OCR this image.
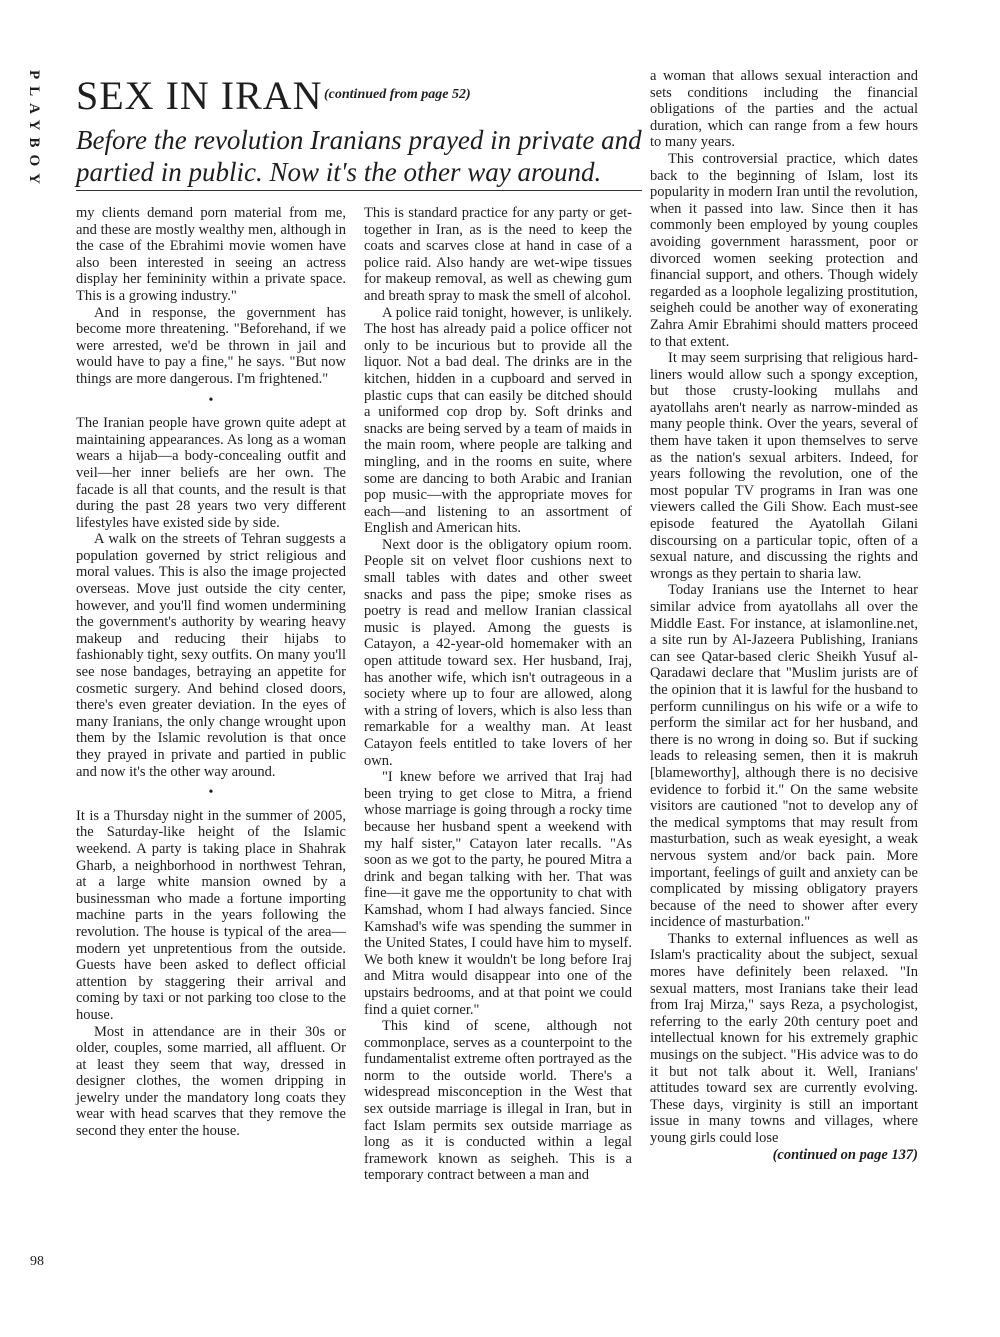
PLAYBOY SEX IN IRAN (continued from page 52)
Before the revolution Iranians prayed in private and partied in public. Now it's the other way around.

my clients demand porn material from me, and these are mostly wealthy men, although in the case of the Ebrahimi movie women have also been interested in seeing an actress display her femininity within a private space. This is a growing industry."

And in response, the government has become more threatening. "Beforehand, if we were arrested, we'd be thrown in jail and would have to pay a fine," he says. "But now things are more dangerous. I'm frightened."

•

The Iranian people have grown quite adept at maintaining appearances. As long as a woman wears a hijab—a body-concealing outfit and veil—her inner beliefs are her own. The facade is all that counts, and the result is that during the past 28 years two very different lifestyles have existed side by side.

A walk on the streets of Tehran suggests a population governed by strict religious and moral values. This is also the image projected overseas. Move just outside the city center, however, and you'll find women undermining the government's authority by wearing heavy makeup and reducing their hijabs to fashionably tight, sexy outfits. On many you'll see nose bandages, betraying an appetite for cosmetic surgery. And behind closed doors, there's even greater deviation. In the eyes of many Iranians, the only change wrought upon them by the Islamic revolution is that once they prayed in private and partied in public and now it's the other way around.

•

It is a Thursday night in the summer of 2005, the Saturday-like height of the Islamic weekend. A party is taking place in Shahrak Gharb, a neighborhood in northwest Tehran, at a large white mansion owned by a businessman who made a fortune importing machine parts in the years following the revolution. The house is typical of the area—modern yet unpretentious from the outside. Guests have been asked to deflect official attention by staggering their arrival and coming by taxi or not parking too close to the house.

Most in attendance are in their 30s or older, couples, some married, all affluent. Or at least they seem that way, dressed in designer clothes, the women dripping in jewelry under the mandatory long coats they wear with head scarves that they remove the second they enter the house.

This is standard practice for any party or get-together in Iran, as is the need to keep the coats and scarves close at hand in case of a police raid. Also handy are wet-wipe tissues for makeup removal, as well as chewing gum and breath spray to mask the smell of alcohol.

A police raid tonight, however, is unlikely. The host has already paid a police officer not only to be incurious but to provide all the liquor. Not a bad deal. The drinks are in the kitchen, hidden in a cupboard and served in plastic cups that can easily be ditched should a uniformed cop drop by. Soft drinks and snacks are being served by a team of maids in the main room, where people are talking and mingling, and in the rooms en suite, where some are dancing to both Arabic and Iranian pop music—with the appropriate moves for each—and listening to an assortment of English and American hits.

Next door is the obligatory opium room. People sit on velvet floor cushions next to small tables with dates and other sweet snacks and pass the pipe; smoke rises as poetry is read and mellow Iranian classical music is played. Among the guests is Catayon, a 42-year-old homemaker with an open attitude toward sex. Her husband, Iraj, has another wife, which isn't outrageous in a society where up to four are allowed, along with a string of lovers, which is also less than remarkable for a wealthy man. At least Catayon feels entitled to take lovers of her own.

"I knew before we arrived that Iraj had been trying to get close to Mitra, a friend whose marriage is going through a rocky time because her husband spent a weekend with my half sister," Catayon later recalls. "As soon as we got to the party, he poured Mitra a drink and began talking with her. That was fine—it gave me the opportunity to chat with Kamshad, whom I had always fancied. Since Kamshad's wife was spending the summer in the United States, I could have him to myself. We both knew it wouldn't be long before Iraj and Mitra would disappear into one of the upstairs bedrooms, and at that point we could find a quiet corner."

This kind of scene, although not commonplace, serves as a counterpoint to the fundamentalist extreme often portrayed as the norm to the outside world. There's a widespread misconception in the West that sex outside marriage is illegal in Iran, but in fact Islam permits sex outside marriage as long as it is conducted within a legal framework known as seigheh. This is a temporary contract between a man and

a woman that allows sexual interaction and sets conditions including the financial obligations of the parties and the actual duration, which can range from a few hours to many years.

This controversial practice, which dates back to the beginning of Islam, lost its popularity in modern Iran until the revolution, when it passed into law. Since then it has commonly been employed by young couples avoiding government harassment, poor or divorced women seeking protection and financial support, and others. Though widely regarded as a loophole legalizing prostitution, seigheh could be another way of exonerating Zahra Amir Ebrahimi should matters proceed to that extent.

It may seem surprising that religious hard-liners would allow such a spongy exception, but those crusty-looking mullahs and ayatollahs aren't nearly as narrow-minded as many people think. Over the years, several of them have taken it upon themselves to serve as the nation's sexual arbiters. Indeed, for years following the revolution, one of the most popular TV programs in Iran was one viewers called the Gili Show. Each must-see episode featured the Ayatollah Gilani discoursing on a particular topic, often of a sexual nature, and discussing the rights and wrongs as they pertain to sharia law.

Today Iranians use the Internet to hear similar advice from ayatollahs all over the Middle East. For instance, at islamonline.net, a site run by Al-Jazeera Publishing, Iranians can see Qatar-based cleric Sheikh Yusuf al-Qaradawi declare that "Muslim jurists are of the opinion that it is lawful for the husband to perform cunnilingus on his wife or a wife to perform the similar act for her husband, and there is no wrong in doing so. But if sucking leads to releasing semen, then it is makruh [blameworthy], although there is no decisive evidence to forbid it." On the same website visitors are cautioned "not to develop any of the medical symptoms that may result from masturbation, such as weak eyesight, a weak nervous system and/or back pain. More important, feelings of guilt and anxiety can be complicated by missing obligatory prayers because of the need to shower after every incidence of masturbation."

Thanks to external influences as well as Islam's practicality about the subject, sexual mores have definitely been relaxed. "In sexual matters, most Iranians take their lead from Iraj Mirza," says Reza, a psychologist, referring to the early 20th century poet and intellectual known for his extremely graphic musings on the subject. "His advice was to do it but not talk about it. Well, Iranians' attitudes toward sex are currently evolving. These days, virginity is still an important issue in many towns and villages, where young girls could lose

(continued on page 137)
98
